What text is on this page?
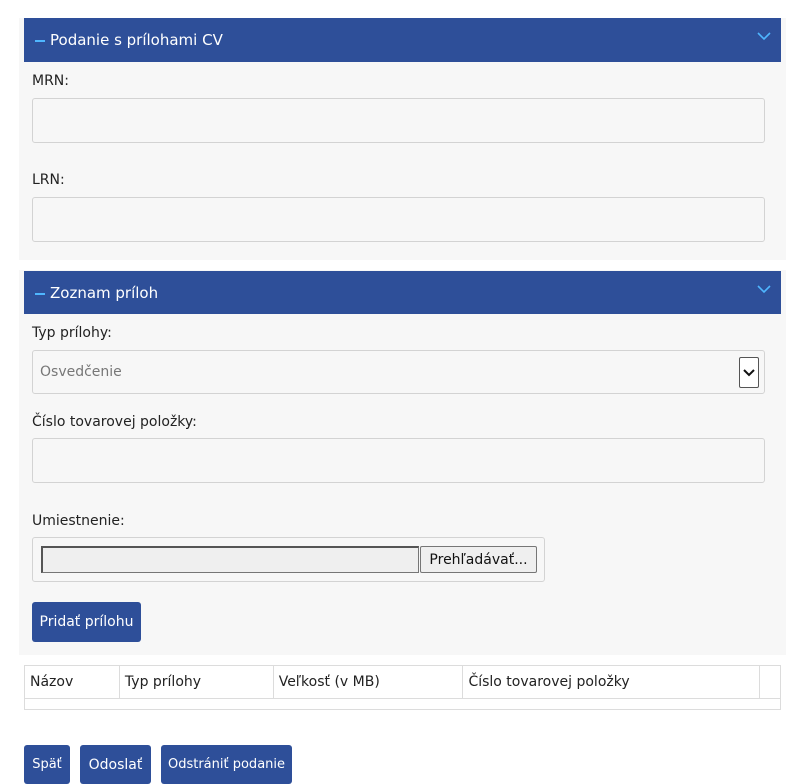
Podanie s prílohami CV
MRN:
LRN:
Zoznam príloh
Typ prílohy:
Osvedčenie
Číslo tovarovej položky:
Umiestnenie:
Prehľadávať...
Pridať prílohu
Názov	Typ prílohy	Veľkosť (v MB)	Číslo tovarovej položky	

Späť	Odoslať	Odstrániť podanie
